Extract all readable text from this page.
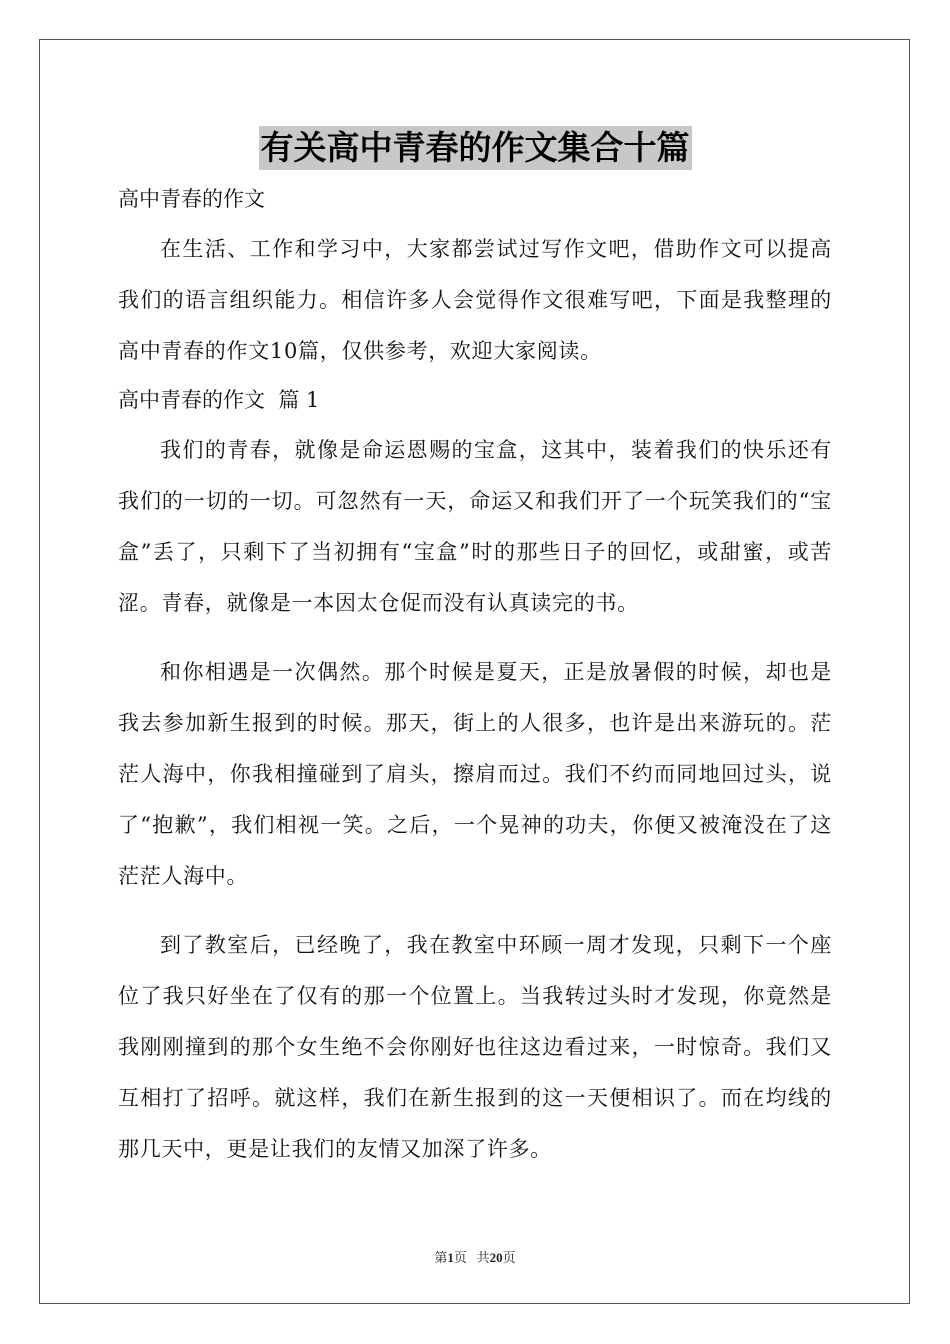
有关高中青春的作文集合十篇

高中青春的作文

在生活、工作和学习中，大家都尝试过写作文吧，借助作文可以提高我们的语言组织能力。相信许多人会觉得作文很难写吧，下面是我整理的高中青春的作文10篇，仅供参考，欢迎大家阅读。

高中青春的作文  篇 1

我们的青春，就像是命运恩赐的宝盒，这其中，装着我们的快乐还有我们的一切的一切。可忽然有一天，命运又和我们开了一个玩笑我们的“宝盒”丢了，只剩下了当初拥有“宝盒”时的那些日子的回忆，或甜蜜，或苦涩。青春，就像是一本因太仓促而没有认真读完的书。

和你相遇是一次偶然。那个时候是夏天，正是放暑假的时候，却也是我去参加新生报到的时候。那天，街上的人很多，也许是出来游玩的。茫茫人海中，你我相撞碰到了肩头，擦肩而过。我们不约而同地回过头，说了“抱歉”，我们相视一笑。之后，一个晃神的功夫，你便又被淹没在了这茫茫人海中。

到了教室后，已经晚了，我在教室中环顾一周才发现，只剩下一个座位了我只好坐在了仅有的那一个位置上。当我转过头时才发现，你竟然是我刚刚撞到的那个女生绝不会你刚好也往这边看过来，一时惊奇。我们又互相打了招呼。就这样，我们在新生报到的这一天便相识了。而在均线的那几天中，更是让我们的友情又加深了许多。

第1页   共20页
